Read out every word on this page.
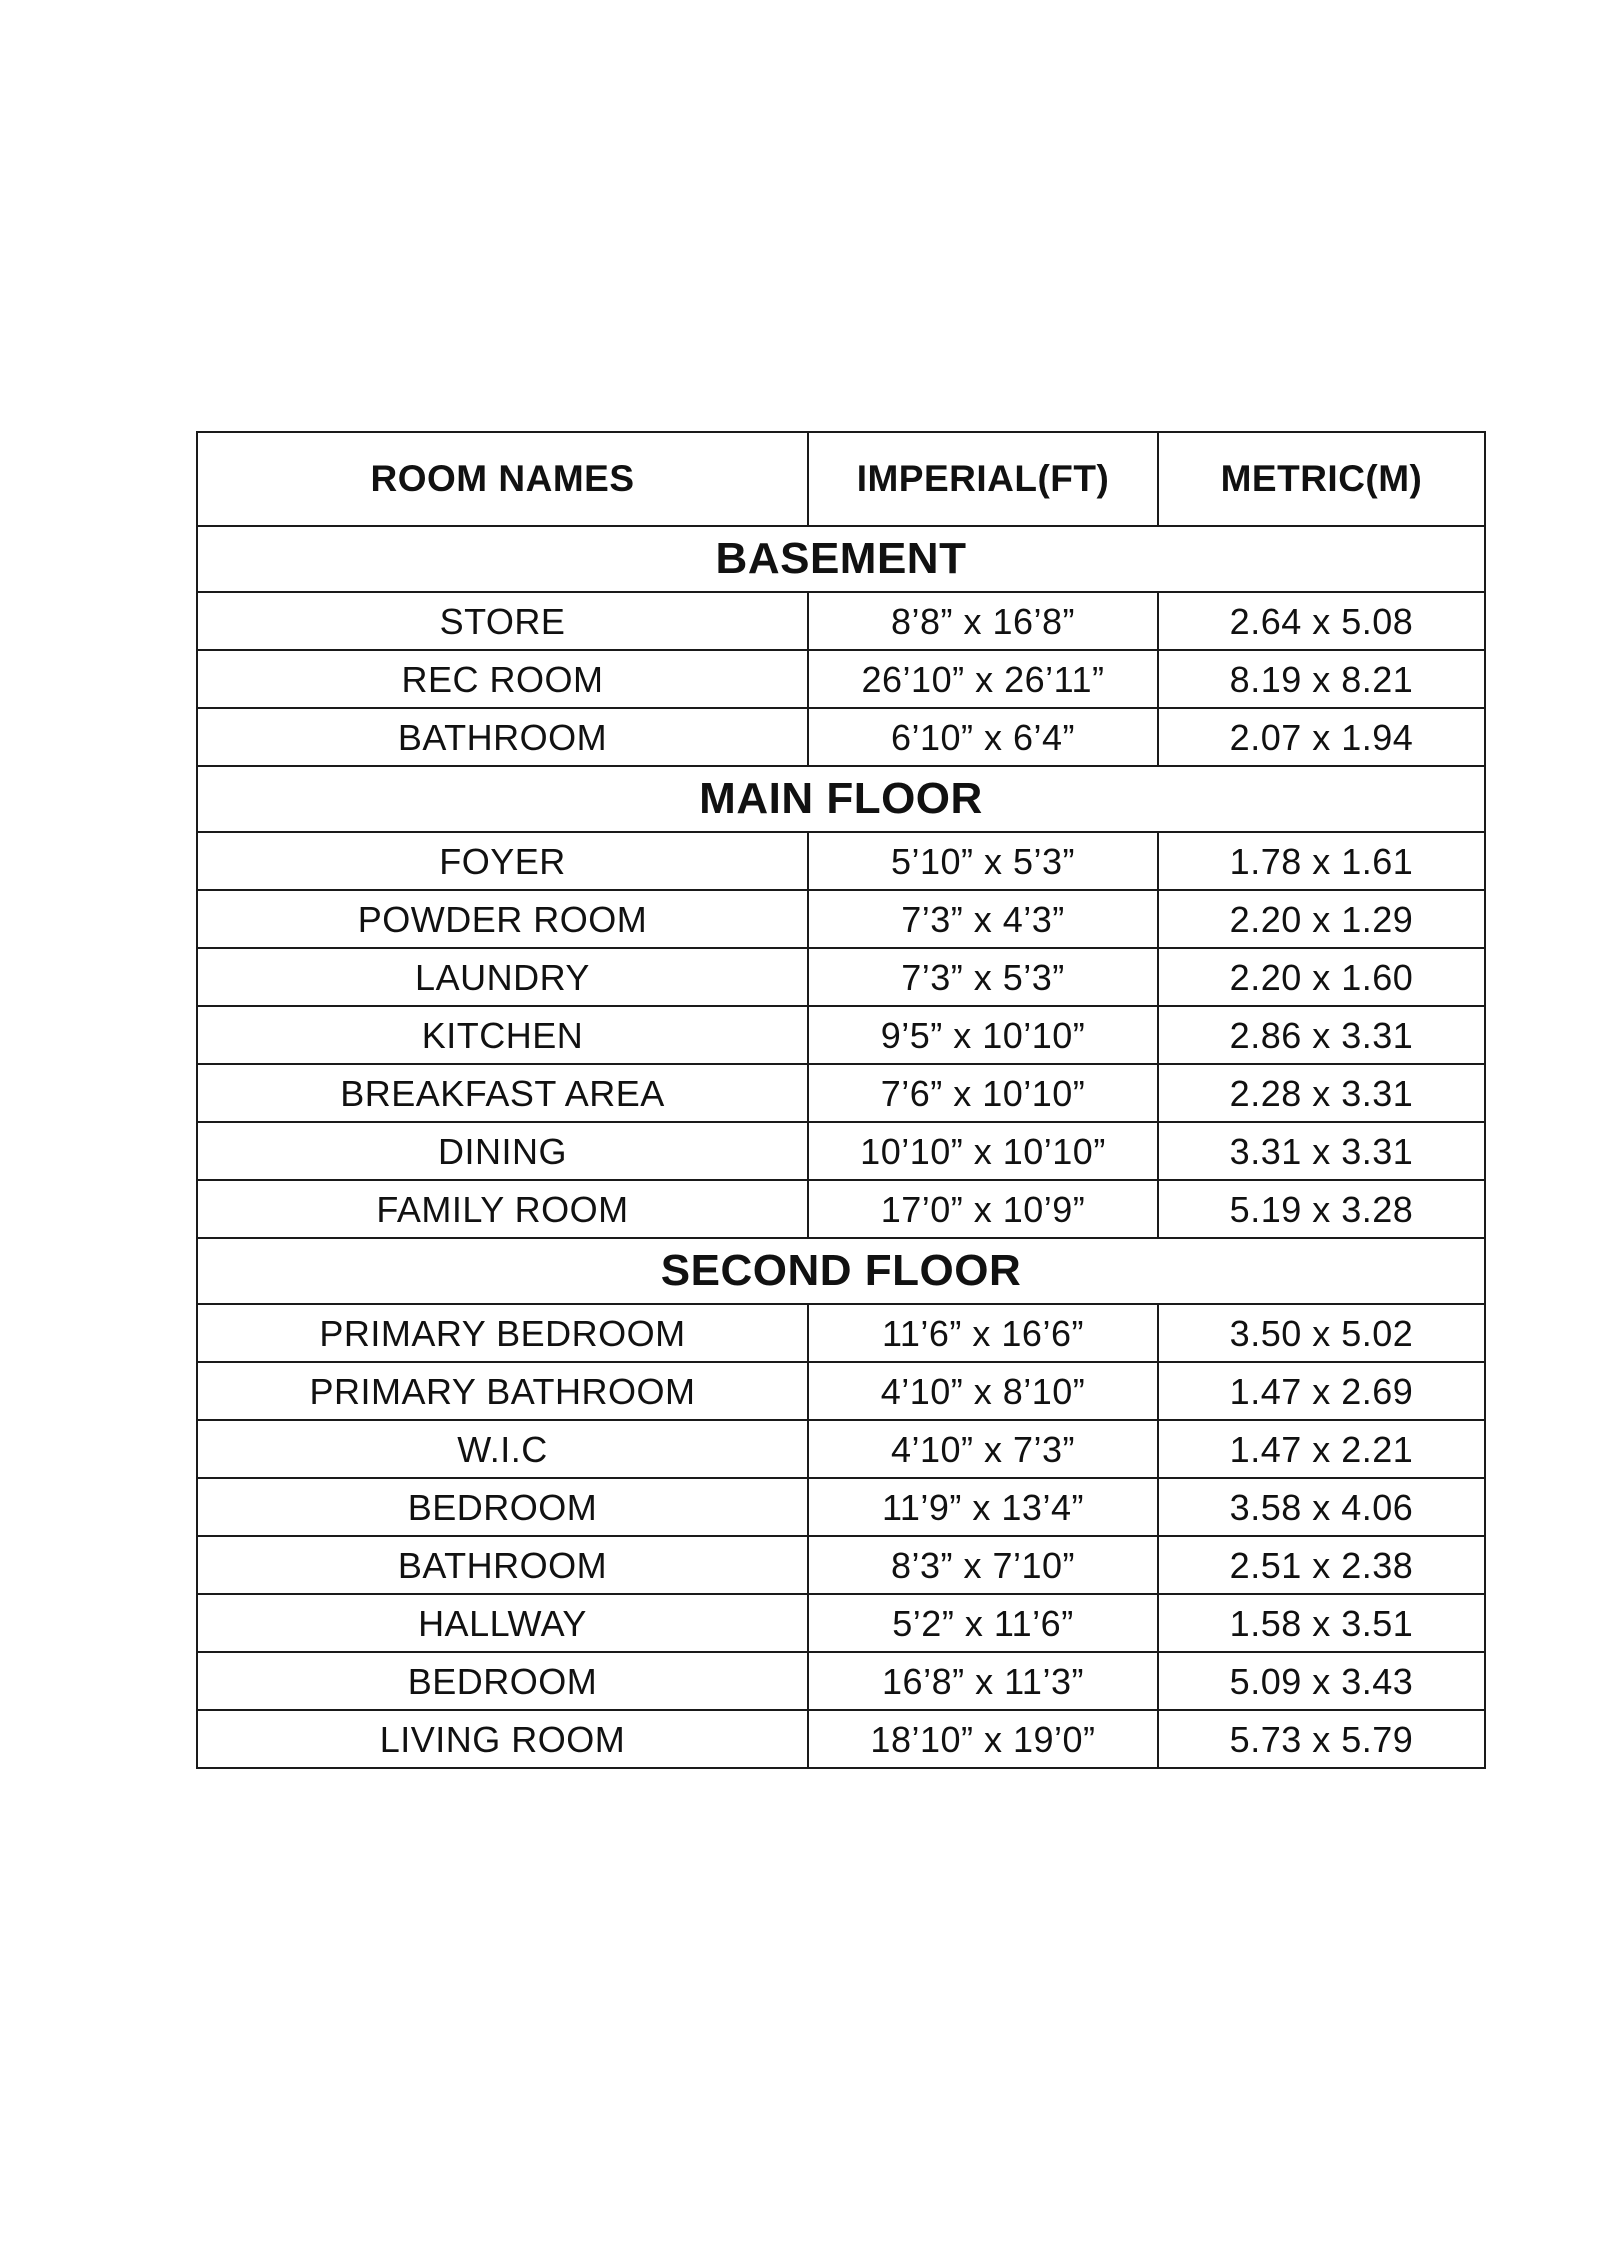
ROOM NAMES	IMPERIAL(FT)	METRIC(M)
BASEMENT		
STORE	8’8” x 16’8”	2.64 x 5.08
REC ROOM	26’10” x 26’11”	8.19 x 8.21
BATHROOM	6’10” x 6’4”	2.07 x 1.94
MAIN FLOOR		
FOYER	5’10” x 5’3”	1.78 x 1.61
POWDER ROOM	7’3” x 4’3”	2.20 x 1.29
LAUNDRY	7’3” x 5’3”	2.20 x 1.60
KITCHEN	9’5” x 10’10”	2.86 x 3.31
BREAKFAST AREA	7’6” x 10’10”	2.28 x 3.31
DINING	10’10” x 10’10”	3.31 x 3.31
FAMILY ROOM	17’0” x 10’9”	5.19 x 3.28
SECOND FLOOR		
PRIMARY BEDROOM	11’6” x 16’6”	3.50 x 5.02
PRIMARY BATHROOM	4’10” x 8’10”	1.47 x 2.69
W.I.C	4’10” x 7’3”	1.47 x 2.21
BEDROOM	11’9” x 13’4”	3.58 x 4.06
BATHROOM	8’3” x 7’10”	2.51 x 2.38
HALLWAY	5’2” x 11’6”	1.58 x 3.51
BEDROOM	16’8” x 11’3”	5.09 x 3.43
LIVING ROOM	18’10” x 19’0”	5.73 x 5.79
